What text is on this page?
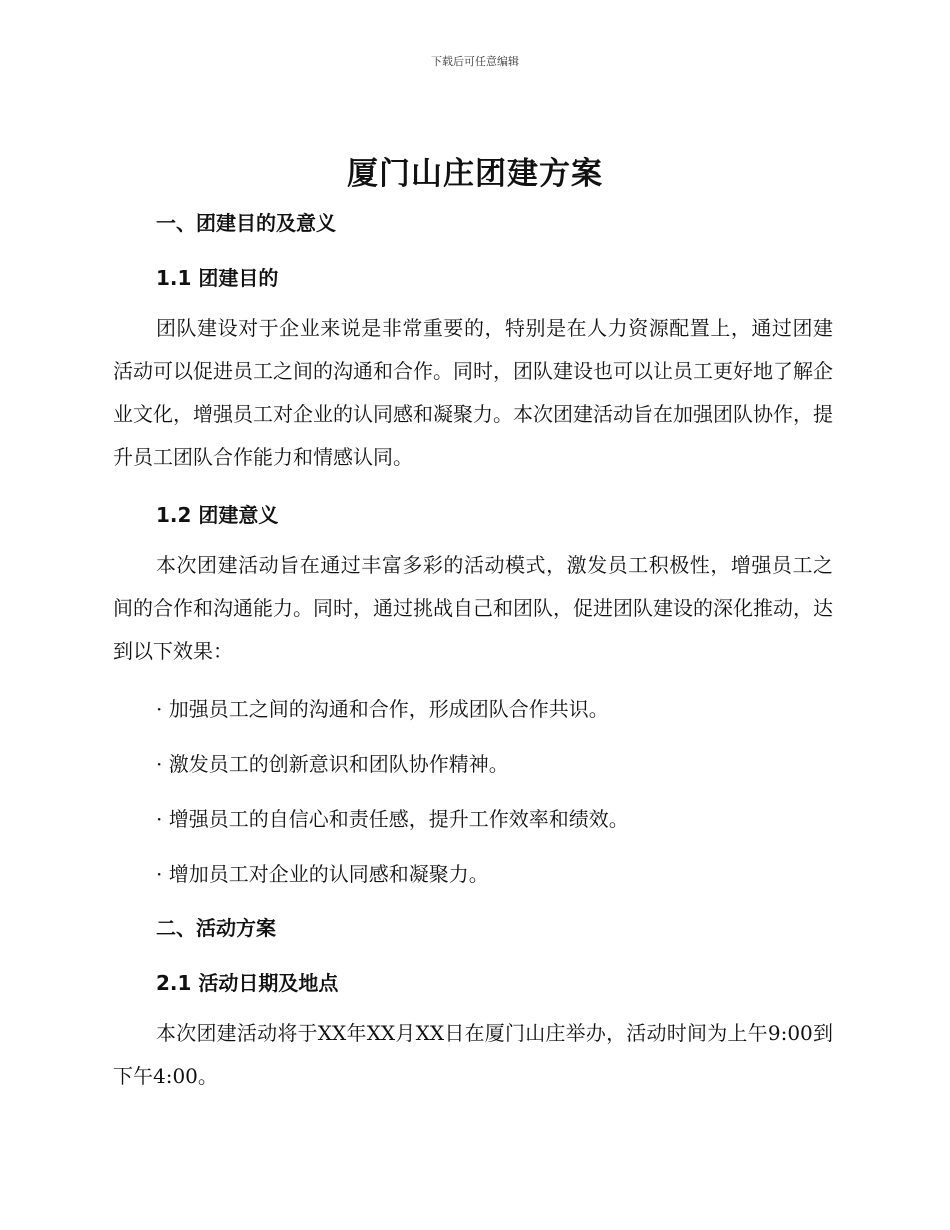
下载后可任意编辑
厦门山庄团建方案
一、团建目的及意义
1.1 团建目的
团队建设对于企业来说是非常重要的，特别是在人力资源配置上，通过团建活动可以促进员工之间的沟通和合作。同时，团队建设也可以让员工更好地了解企业文化，增强员工对企业的认同感和凝聚力。本次团建活动旨在加强团队协作，提升员工团队合作能力和情感认同。
1.2 团建意义
本次团建活动旨在通过丰富多彩的活动模式，激发员工积极性，增强员工之间的合作和沟通能力。同时，通过挑战自己和团队，促进团队建设的深化推动，达到以下效果：
· 加强员工之间的沟通和合作，形成团队合作共识。
· 激发员工的创新意识和团队协作精神。
· 增强员工的自信心和责任感，提升工作效率和绩效。
· 增加员工对企业的认同感和凝聚力。
二、活动方案
2.1 活动日期及地点
本次团建活动将于XX年XX月XX日在厦门山庄举办，活动时间为上午9:00到下午4:00。
